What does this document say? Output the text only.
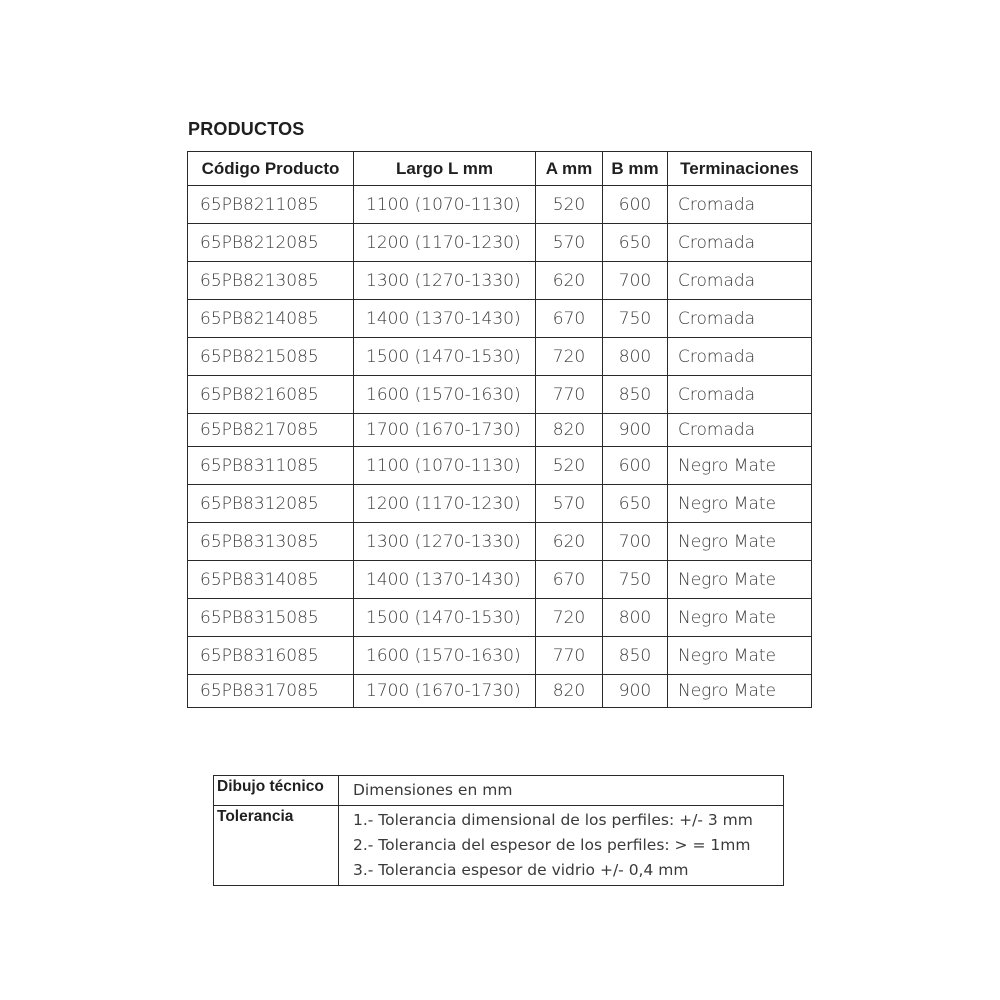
PRODUCTOS
Código Producto	Largo L mm	A mm	B mm	Terminaciones
65PB8211085	1100 (1070-1130)	520	600	Cromada
65PB8212085	1200 (1170-1230)	570	650	Cromada
65PB8213085	1300 (1270-1330)	620	700	Cromada
65PB8214085	1400 (1370-1430)	670	750	Cromada
65PB8215085	1500 (1470-1530)	720	800	Cromada
65PB8216085	1600 (1570-1630)	770	850	Cromada
65PB8217085	1700 (1670-1730)	820	900	Cromada
65PB8311085	1100 (1070-1130)	520	600	Negro Mate
65PB8312085	1200 (1170-1230)	570	650	Negro Mate
65PB8313085	1300 (1270-1330)	620	700	Negro Mate
65PB8314085	1400 (1370-1430)	670	750	Negro Mate
65PB8315085	1500 (1470-1530)	720	800	Negro Mate
65PB8316085	1600 (1570-1630)	770	850	Negro Mate
65PB8317085	1700 (1670-1730)	820	900	Negro Mate
Dibujo técnico	Dimensiones en mm
Tolerancia	1.- Tolerancia dimensional de los perfiles: +/- 3 mm
2.- Tolerancia del espesor de los perfiles: > = 1mm
3.- Tolerancia espesor de vidrio +/- 0,4 mm
